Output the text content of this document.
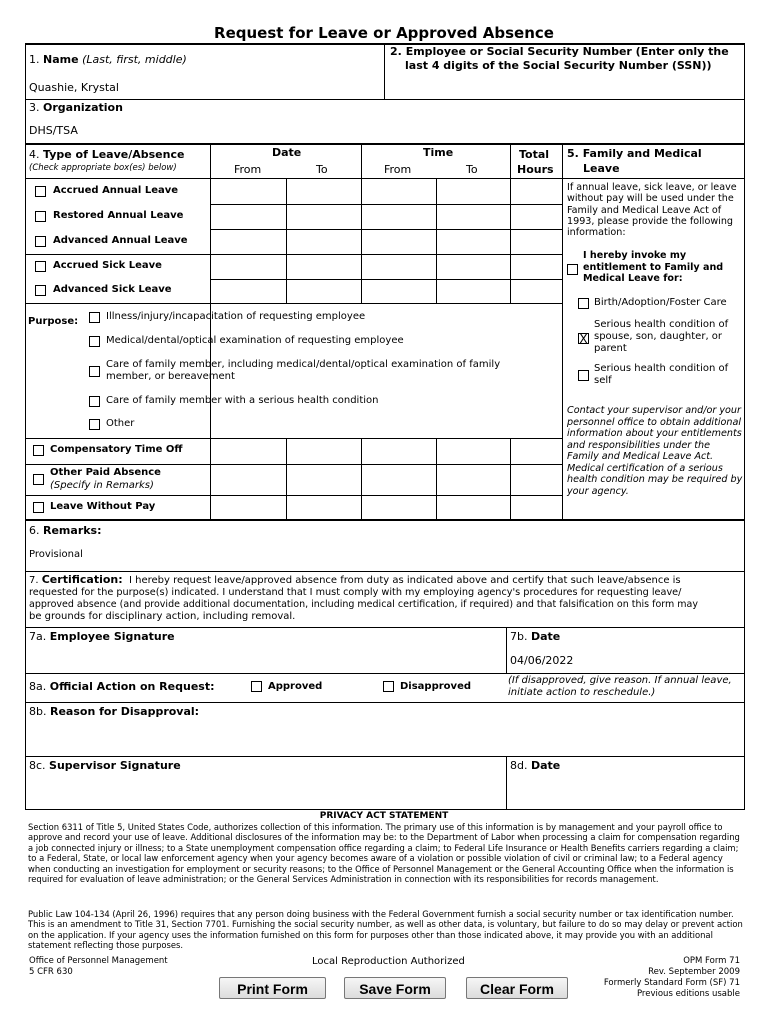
Request for Leave or Approved Absence
1. Name (Last, first, middle)
Quashie, Krystal
2. Employee or Social Security Number (Enter only the
last 4 digits of the Social Security Number (SSN))
3. Organization
DHS/TSA
4. Type of Leave/Absence
(Check appropriate box(es) below)
Date
From	To
Time
From	To
Total
Hours
Accrued Annual Leave
Restored Annual Leave
Advanced Annual Leave
Accrued Sick Leave
Advanced Sick Leave
Purpose:	Illness/injury/incapacitation of requesting employee
Medical/dental/optical examination of requesting employee
Care of family member, including medical/dental/optical examination of family
member, or bereavement
Care of family member with a serious health condition
Other
Compensatory Time Off
Other Paid Absence
(Specify in Remarks)
Leave Without Pay
5. Family and Medical
Leave
If annual leave, sick leave, or leave without pay will be used under the Family and Medical Leave Act of 1993, please provide the following information:
I hereby invoke my entitlement to Family and Medical Leave for:
Birth/Adoption/Foster Care
X
Serious health condition of spouse, son, daughter, or parent
Serious health condition of self
Contact your supervisor and/or your personnel office to obtain additional information about your entitlements and responsibilities under the Family and Medical Leave Act. Medical certification of a serious health condition may be required by your agency.
6. Remarks:
Provisional
7. Certification: I hereby request leave/approved absence from duty as indicated above and certify that such leave/absence is
requested for the purpose(s) indicated. I understand that I must comply with my employing agency's procedures for requesting leave/
approved absence (and provide additional documentation, including medical certification, if required) and that falsification on this form may
be grounds for disciplinary action, including removal.
7a. Employee Signature	7b. Date
04/06/2022
8a. Official Action on Request:	Approved	Disapproved
(If disapproved, give reason. If annual leave,
initiate action to reschedule.)
8b. Reason for Disapproval:
8c. Supervisor Signature	8d. Date
PRIVACY ACT STATEMENT
Section 6311 of Title 5, United States Code, authorizes collection of this information. The primary use of this information is by management and your payroll office to approve and record your use of leave. Additional disclosures of the information may be: to the Department of Labor when processing a claim for compensation regarding a job connected injury or illness; to a State unemployment compensation office regarding a claim; to Federal Life Insurance or Health Benefits carriers regarding a claim; to a Federal, State, or local law enforcement agency when your agency becomes aware of a violation or possible violation of civil or criminal law; to a Federal agency when conducting an investigation for employment or security reasons; to the Office of Personnel Management or the General Accounting Office when the information is required for evaluation of leave administration; or the General Services Administration in connection with its responsibilities for records management.
Public Law 104-134 (April 26, 1996) requires that any person doing business with the Federal Government furnish a social security number or tax identification number. This is an amendment to Title 31, Section 7701. Furnishing the social security number, as well as other data, is voluntary, but failure to do so may delay or prevent action on the application. If your agency uses the information furnished on this form for purposes other than those indicated above, it may provide you with an additional statement reflecting those purposes.
Office of Personnel Management
5 CFR 630
Local Reproduction Authorized	OPM Form 71
Rev. September 2009
Formerly Standard Form (SF) 71
Previous editions usable
Print Form	Save Form	Clear Form
